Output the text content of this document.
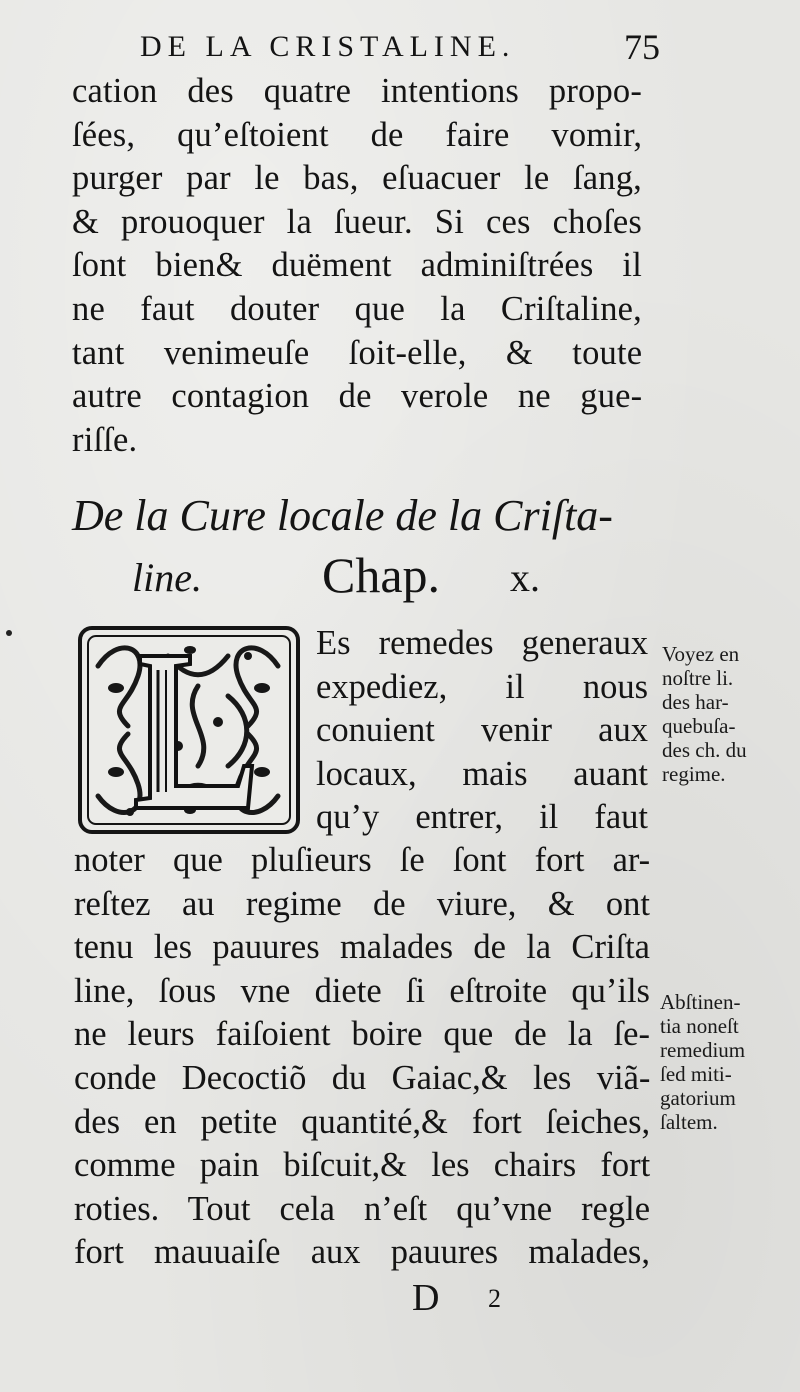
DE LA CRISTALINE.	75
cation des quatre intentions propo-
ſées, qu’eſtoient de faire vomir,
purger par le bas, eſuacuer le ſang,
& prouoquer la ſueur. Si ces choſes
ſont bien& duëment adminiſtrées il
ne faut douter que la Criſtaline,
tant venimeuſe ſoit-elle, & toute
autre contagion de verole ne gue-
riſſe.
De la Cure locale de la Criſta-
line. Chap. x.
Es remedes generaux
expediez, il nous
conuient venir aux
locaux, mais auant
qu’y entrer, il faut
noter que pluſieurs ſe ſont fort ar-
reſtez au regime de viure, & ont
tenu les pauures malades de la Criſta
line, ſous vne diete ſi eſtroite qu’ils
ne leurs faiſoient boire que de la ſe-
conde Decoctiõ du Gaiac,& les viã-
des en petite quantité,& fort ſeiches,
comme pain biſcuit,& les chairs fort
roties. Tout cela n’eſt qu’vne regle
fort mauuaiſe aux pauures malades,
Voyez en
noſtre li.
des har-
quebuſa-
des ch. du
regime.
Abſtinen-
tia noneſt
remedium
ſed miti-
gatorium
ſaltem.
D 2
